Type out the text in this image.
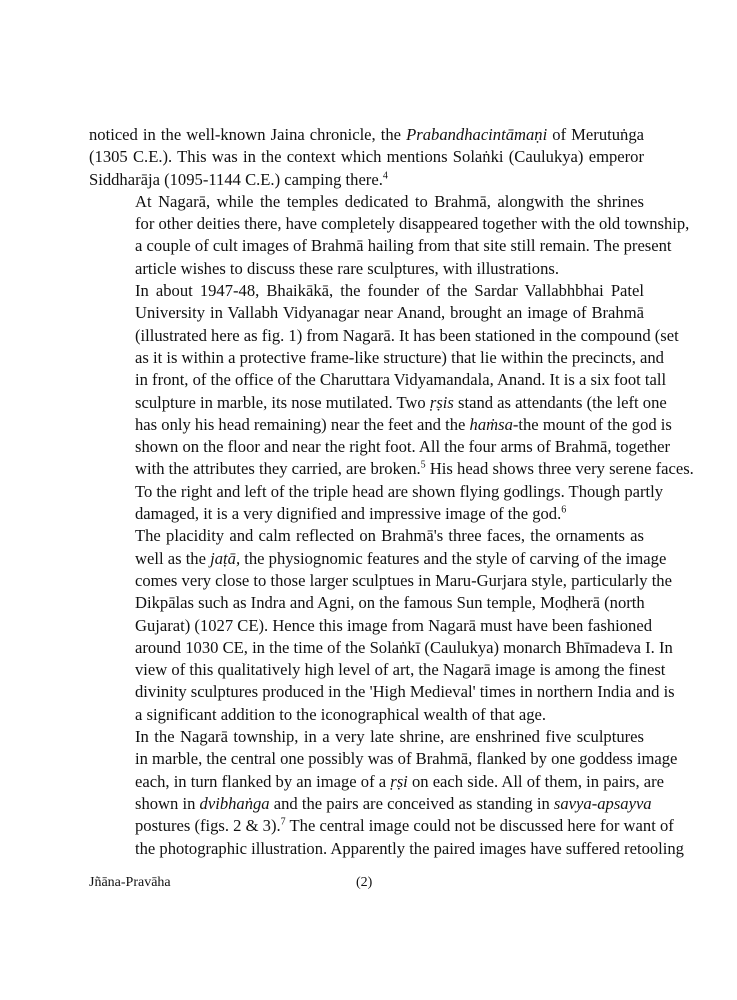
noticed in the well-known Jaina chronicle, the Prabandhacintāmaṇi of Merutuṅga
(1305 C.E.). This was in the context which mentions Solaṅki (Caulukya) emperor
Siddharāja (1095-1144 C.E.) camping there.$^4$

At Nagarā, while the temples dedicated to Brahmā, alongwith the shrines
for other deities there, have completely disappeared together with the old township,
a couple of cult images of Brahmā hailing from that site still remain. The present
article wishes to discuss these rare sculptures, with illustrations.

In about 1947-48, Bhaikākā, the founder of the Sardar Vallabhbhai Patel
University in Vallabh Vidyanagar near Anand, brought an image of Brahmā
(illustrated here as fig. 1) from Nagarā. It has been stationed in the compound (set
as it is within a protective frame-like structure) that lie within the precincts, and
in front, of the office of the Charuttara Vidyamandala, Anand. It is a six foot tall
sculpture in marble, its nose mutilated. Two ṛṣis stand as attendants (the left one
has only his head remaining) near the feet and the haṁsa-the mount of the god is
shown on the floor and near the right foot. All the four arms of Brahmā, together
with the attributes they carried, are broken.$^5$ His head shows three very serene faces.
To the right and left of the triple head are shown flying godlings. Though partly
damaged, it is a very dignified and impressive image of the god.$^6$

The placidity and calm reflected on Brahmā's three faces, the ornaments as
well as the jaṭā, the physiognomic features and the style of carving of the image
comes very close to those larger sculptues in Maru-Gurjara style, particularly the
Dikpālas such as Indra and Agni, on the famous Sun temple, Moḍherā (north
Gujarat) (1027 CE). Hence this image from Nagarā must have been fashioned
around 1030 CE, in the time of the Solaṅkī (Caulukya) monarch Bhīmadeva I. In
view of this qualitatively high level of art, the Nagarā image is among the finest
divinity sculptures produced in the 'High Medieval' times in northern India and is
a significant addition to the iconographical wealth of that age.

In the Nagarā township, in a very late shrine, are enshrined five sculptures
in marble, the central one possibly was of Brahmā, flanked by one goddess image
each, in turn flanked by an image of a ṛṣi on each side. All of them, in pairs, are
shown in dvibhaṅga and the pairs are conceived as standing in savya-apsayva
postures (figs. 2 & 3).$^7$ The central image could not be discussed here for want of
the photographic illustration. Apparently the paired images have suffered retooling

Jñāna-Pravāha	(2)
